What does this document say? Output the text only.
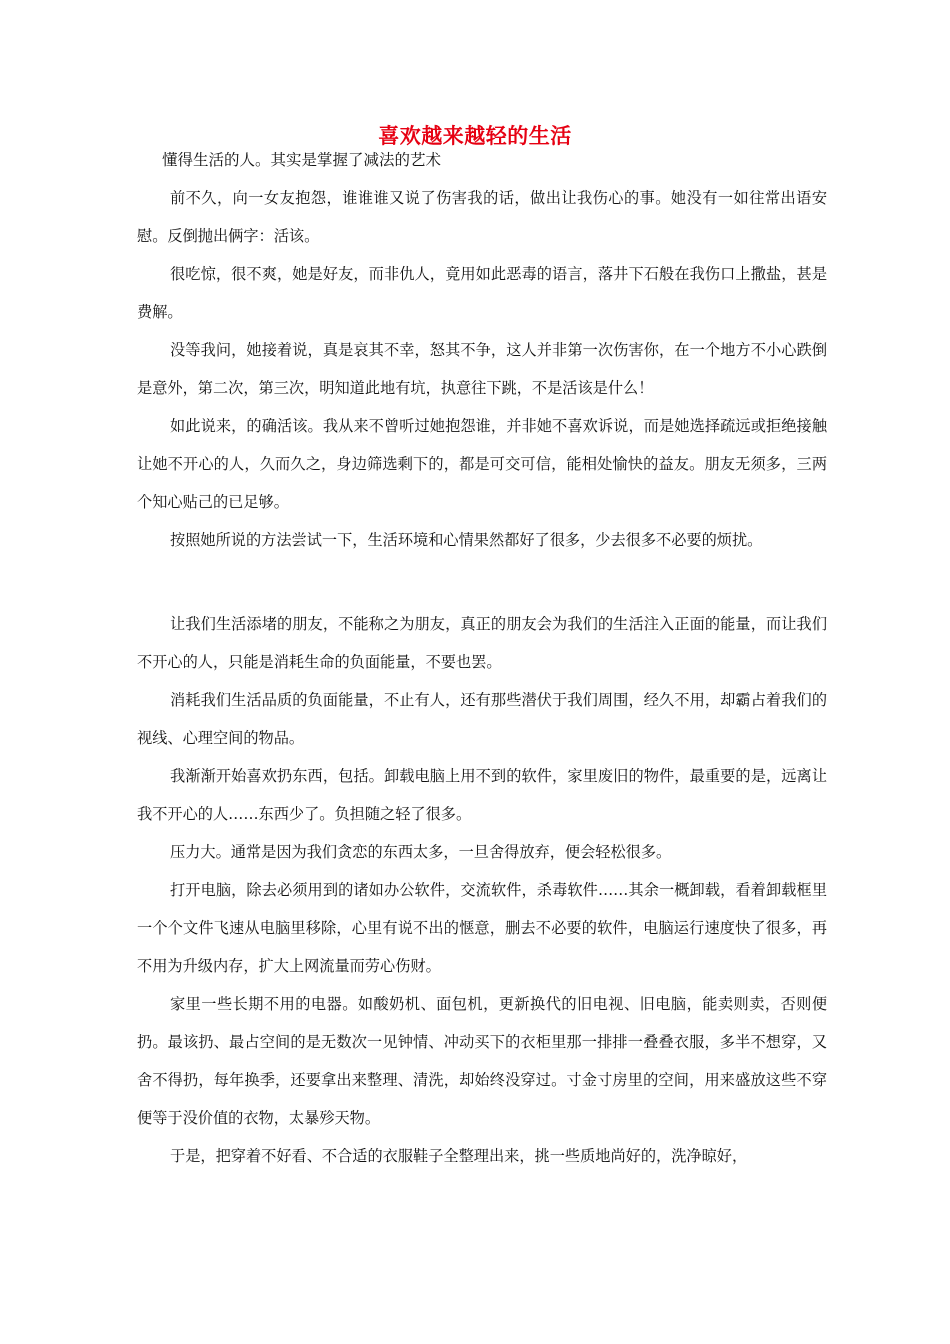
喜欢越来越轻的生活
懂得生活的人。其实是掌握了减法的艺术

前不久，向一女友抱怨，谁谁谁又说了伤害我的话，做出让我伤心的事。她没有一如往常出语安慰。反倒抛出俩字：活该。

很吃惊，很不爽，她是好友，而非仇人，竟用如此恶毒的语言，落井下石般在我伤口上撒盐，甚是费解。

没等我问，她接着说，真是哀其不幸，怒其不争，这人并非第一次伤害你，在一个地方不小心跌倒是意外，第二次，第三次，明知道此地有坑，执意往下跳，不是活该是什么！

如此说来，的确活该。我从来不曾听过她抱怨谁，并非她不喜欢诉说，而是她选择疏远或拒绝接触让她不开心的人，久而久之，身边筛选剩下的，都是可交可信，能相处愉快的益友。朋友无须多，三两个知心贴己的已足够。

按照她所说的方法尝试一下，生活环境和心情果然都好了很多，少去很多不必要的烦扰。

让我们生活添堵的朋友，不能称之为朋友，真正的朋友会为我们的生活注入正面的能量，而让我们不开心的人，只能是消耗生命的负面能量，不要也罢。

消耗我们生活品质的负面能量，不止有人，还有那些潜伏于我们周围，经久不用，却霸占着我们的视线、心理空间的物品。

我渐渐开始喜欢扔东西，包括。卸载电脑上用不到的软件，家里废旧的物件，最重要的是，远离让我不开心的人……东西少了。负担随之轻了很多。

压力大。通常是因为我们贪恋的东西太多，一旦舍得放弃，便会轻松很多。

打开电脑，除去必须用到的诸如办公软件，交流软件，杀毒软件……其余一概卸载，看着卸载框里一个个文件飞速从电脑里移除，心里有说不出的惬意，删去不必要的软件，电脑运行速度快了很多，再不用为升级内存，扩大上网流量而劳心伤财。

家里一些长期不用的电器。如酸奶机、面包机，更新换代的旧电视、旧电脑，能卖则卖，否则便扔。最该扔、最占空间的是无数次一见钟情、冲动买下的衣柜里那一排排一叠叠衣服，多半不想穿，又舍不得扔，每年换季，还要拿出来整理、清洗，却始终没穿过。寸金寸房里的空间，用来盛放这些不穿便等于没价值的衣物，太暴殄天物。

于是，把穿着不好看、不合适的衣服鞋子全整理出来，挑一些质地尚好的，洗净晾好，
